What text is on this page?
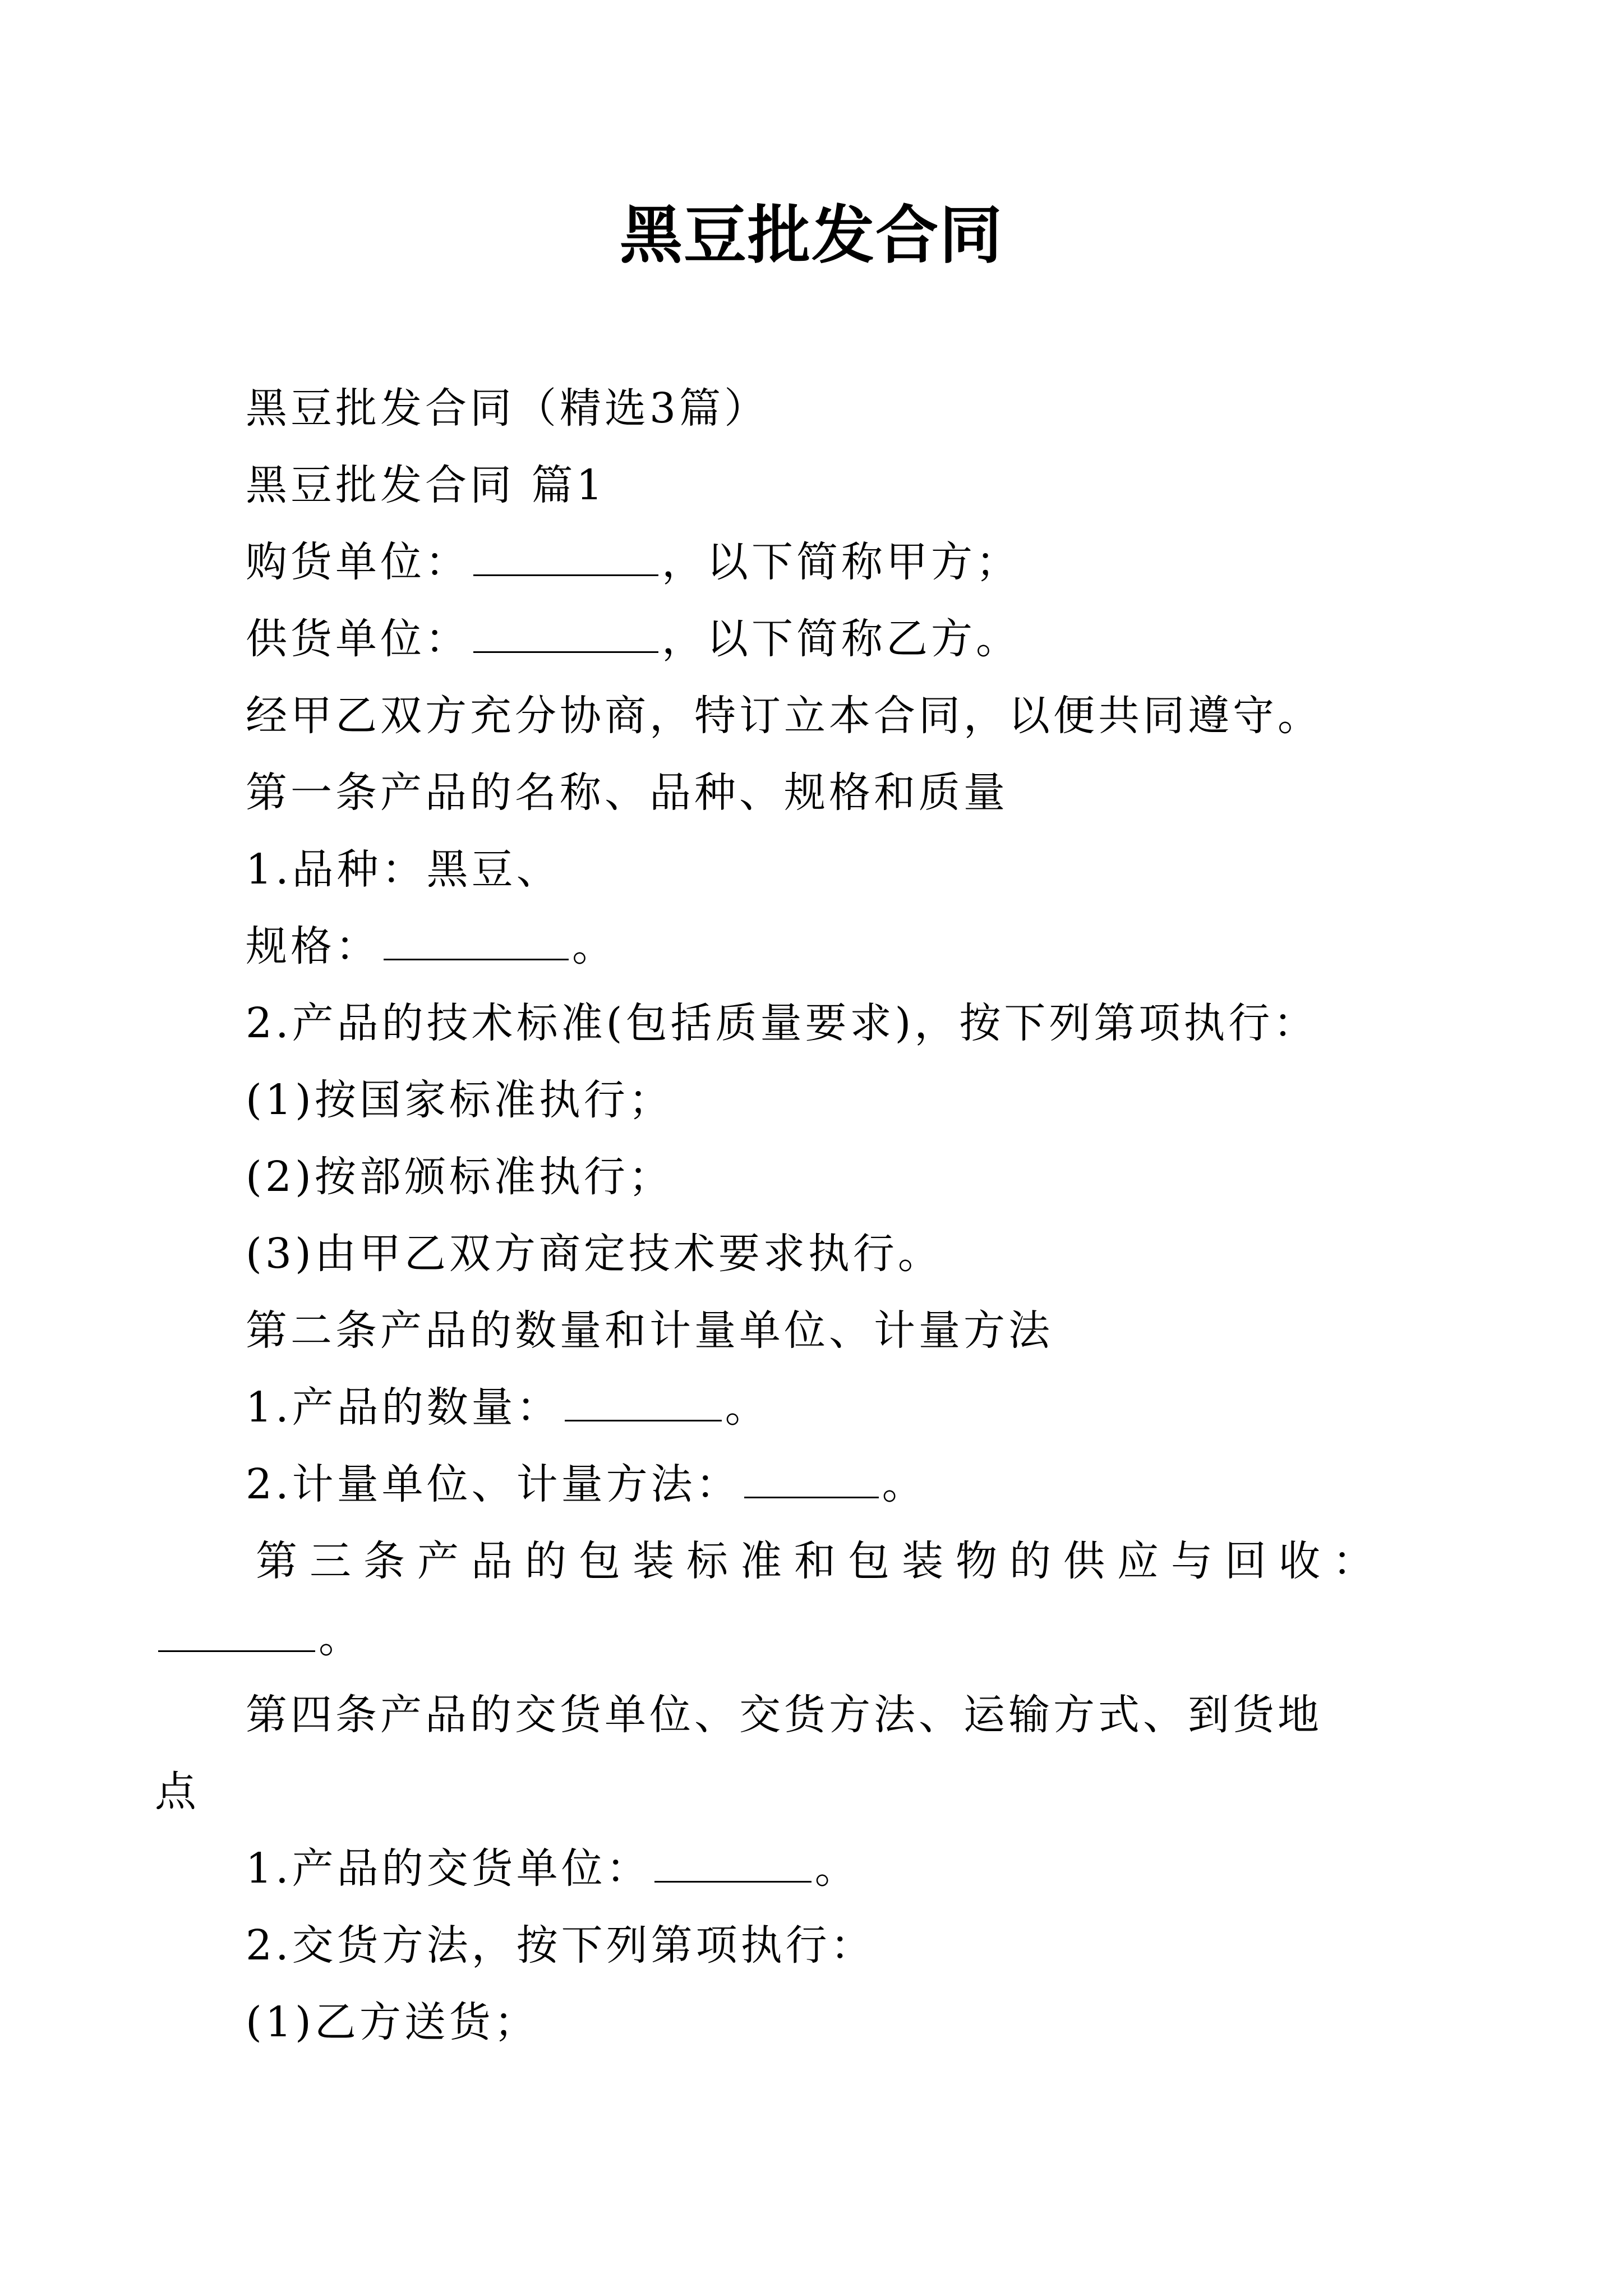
黑豆批发合同
黑豆批发合同（精选3篇）
黑豆批发合同 篇1
购货单位：	，以下简称甲方；
供货单位：	，以下简称乙方。
经甲乙双方充分协商，特订立本合同，以便共同遵守。
第一条产品的名称、品种、规格和质量
1.品种：黑豆、
规格：	。
2.产品的技术标准(包括质量要求)，按下列第项执行：
(1)按国家标准执行；
(2)按部颁标准执行；
(3)由甲乙双方商定技术要求执行。
第二条产品的数量和计量单位、计量方法
1.产品的数量：	。
2.计量单位、计量方法：	。
第三条产品的包装标准和包装物的供应与回收：
。
第四条产品的交货单位、交货方法、运输方式、到货地
点
1.产品的交货单位：	。
2.交货方法，按下列第项执行：
(1)乙方送货；
